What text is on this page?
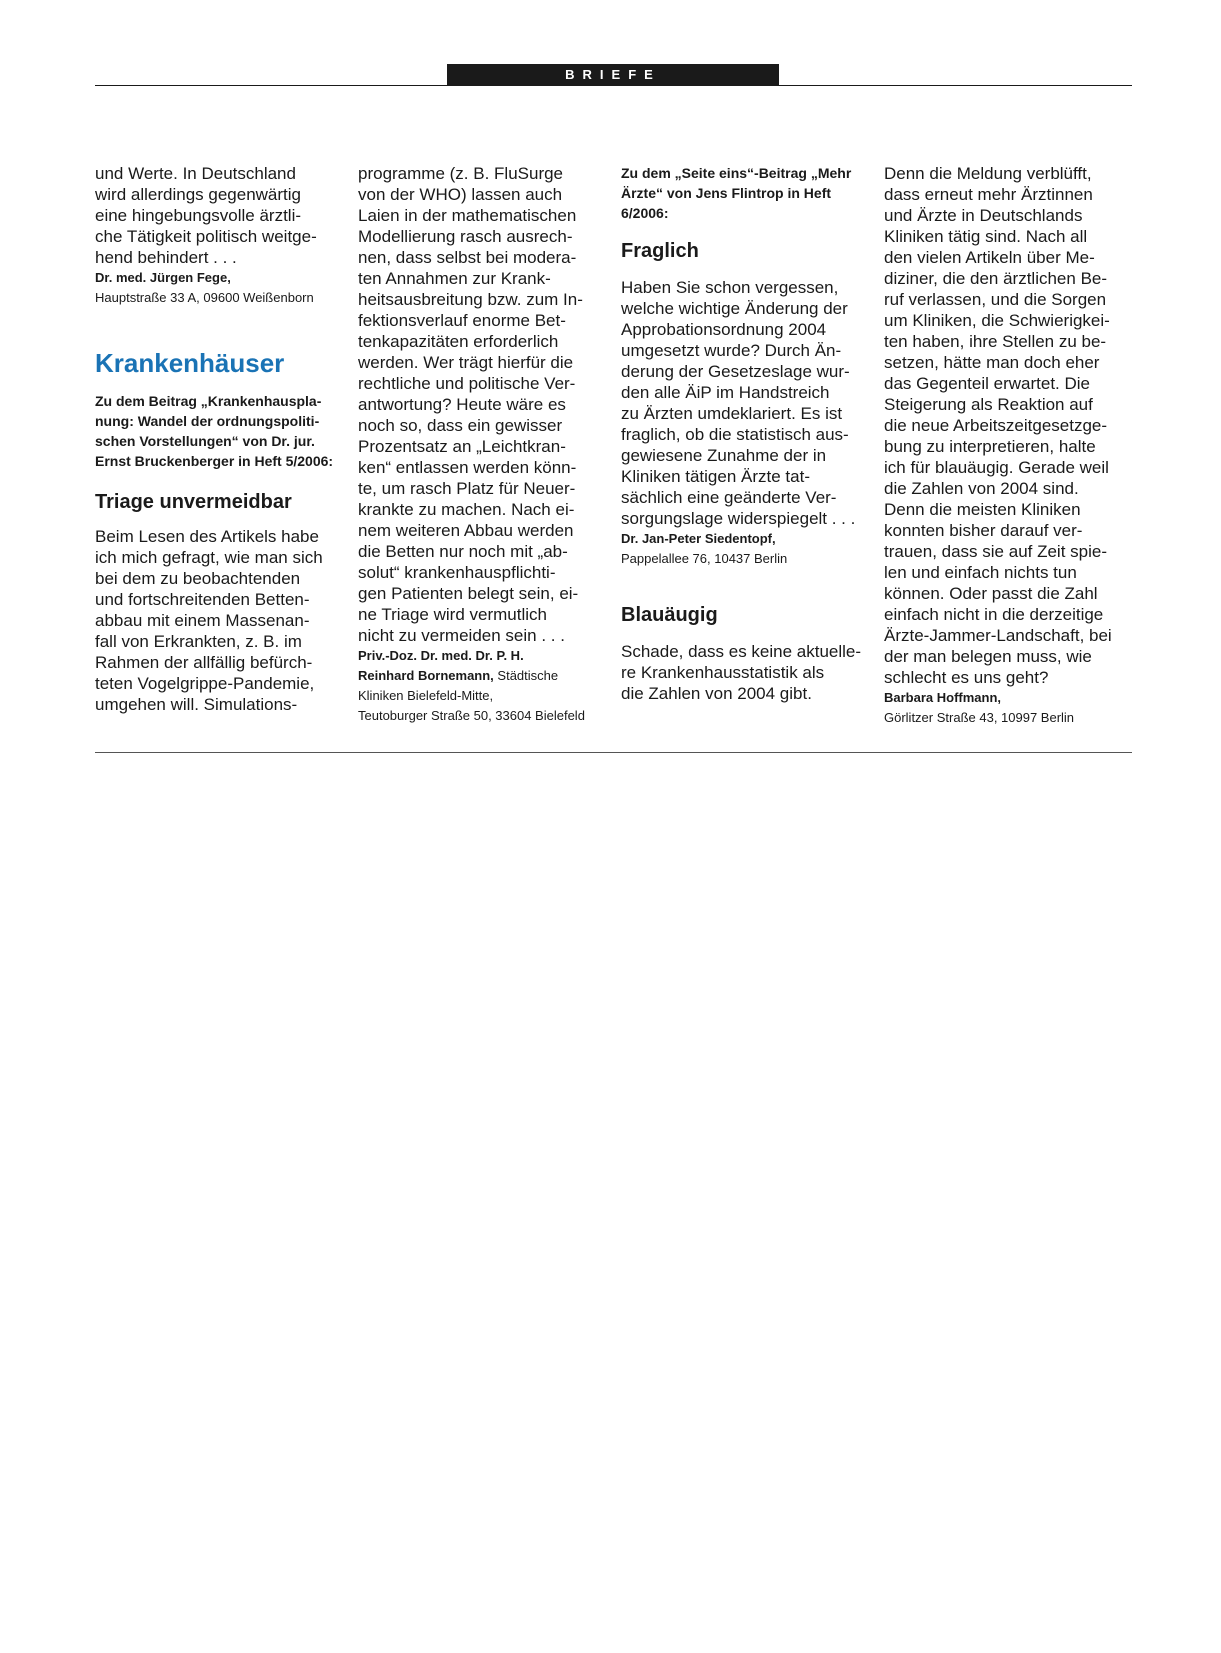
BRIEFE

und Werte. In Deutschland
wird allerdings gegenwärtig
eine hingebungsvolle ärztli-
che Tätigkeit politisch weitge-
hend behindert . . .

Dr. med. Jürgen Fege,
Hauptstraße 33 A, 09600 Weißenborn

Krankenhäuser

Zu dem Beitrag „Krankenhauspla-
nung: Wandel der ordnungspoliti-
schen Vorstellungen“ von Dr. jur.
Ernst Bruckenberger in Heft 5/2006:

Triage unvermeidbar

Beim Lesen des Artikels habe
ich mich gefragt, wie man sich
bei dem zu beobachtenden
und fortschreitenden Betten-
abbau mit einem Massenan-
fall von Erkrankten, z. B. im
Rahmen der allfällig befürch-
teten Vogelgrippe-Pandemie,
umgehen will. Simulations-

programme (z. B. FluSurge
von der WHO) lassen auch
Laien in der mathematischen
Modellierung rasch ausrech-
nen, dass selbst bei moderа-
ten Annahmen zur Krank-
heitsausbreitung bzw. zum In-
fektionsverlauf enorme Bet-
tenkapazitäten erforderlich
werden. Wer trägt hierfür die
rechtliche und politische Ver-
antwortung? Heute wäre es
noch so, dass ein gewisser
Prozentsatz an „Leichtkran-
ken“ entlassen werden könn-
te, um rasch Platz für Neuer-
krankte zu machen. Nach ei-
nem weiteren Abbau werden
die Betten nur noch mit „ab-
solut“ krankenhauspflichti-
gen Patienten belegt sein, ei-
ne Triage wird vermutlich
nicht zu vermeiden sein . . .

Priv.-Doz. Dr. med. Dr. P. H.
Reinhard Bornemann, Städtische
Kliniken Bielefeld-Mitte,
Teutoburger Straße 50, 33604 Bielefeld

Zu dem „Seite eins“-Beitrag „Mehr
Ärzte“ von Jens Flintrop in Heft
6/2006:

Fraglich

Haben Sie schon vergessen,
welche wichtige Änderung der
Approbationsordnung 2004
umgesetzt wurde? Durch Än-
derung der Gesetzeslage wur-
den alle ÄiP im Handstreich
zu Ärzten umdeklariert. Es ist
fraglich, ob die statistisch aus-
gewiesene Zunahme der in
Kliniken tätigen Ärzte tat-
sächlich eine geänderte Ver-
sorgungslage widerspiegelt . . .

Dr. Jan-Peter Siedentopf,
Pappelallee 76, 10437 Berlin

Blauäugig

Schade, dass es keine aktuelle-
re Krankenhausstatistik als
die Zahlen von 2004 gibt.

Denn die Meldung verblüfft,
dass erneut mehr Ärztinnen
und Ärzte in Deutschlands
Kliniken tätig sind. Nach all
den vielen Artikeln über Me-
diziner, die den ärztlichen Be-
ruf verlassen, und die Sorgen
um Kliniken, die Schwierigkei-
ten haben, ihre Stellen zu be-
setzen, hätte man doch eher
das Gegenteil erwartet. Die
Steigerung als Reaktion auf
die neue Arbeitszeitgesetzge-
bung zu interpretieren, halte
ich für blauäugig. Gerade weil
die Zahlen von 2004 sind.
Denn die meisten Kliniken
konnten bisher darauf ver-
trauen, dass sie auf Zeit spie-
len und einfach nichts tun
können. Oder passt die Zahl
einfach nicht in die derzeitige
Ärzte-Jammer-Landschaft, bei
der man belegen muss, wie
schlecht es uns geht?

Barbara Hoffmann,
Görlitzer Straße 43, 10997 Berlin
